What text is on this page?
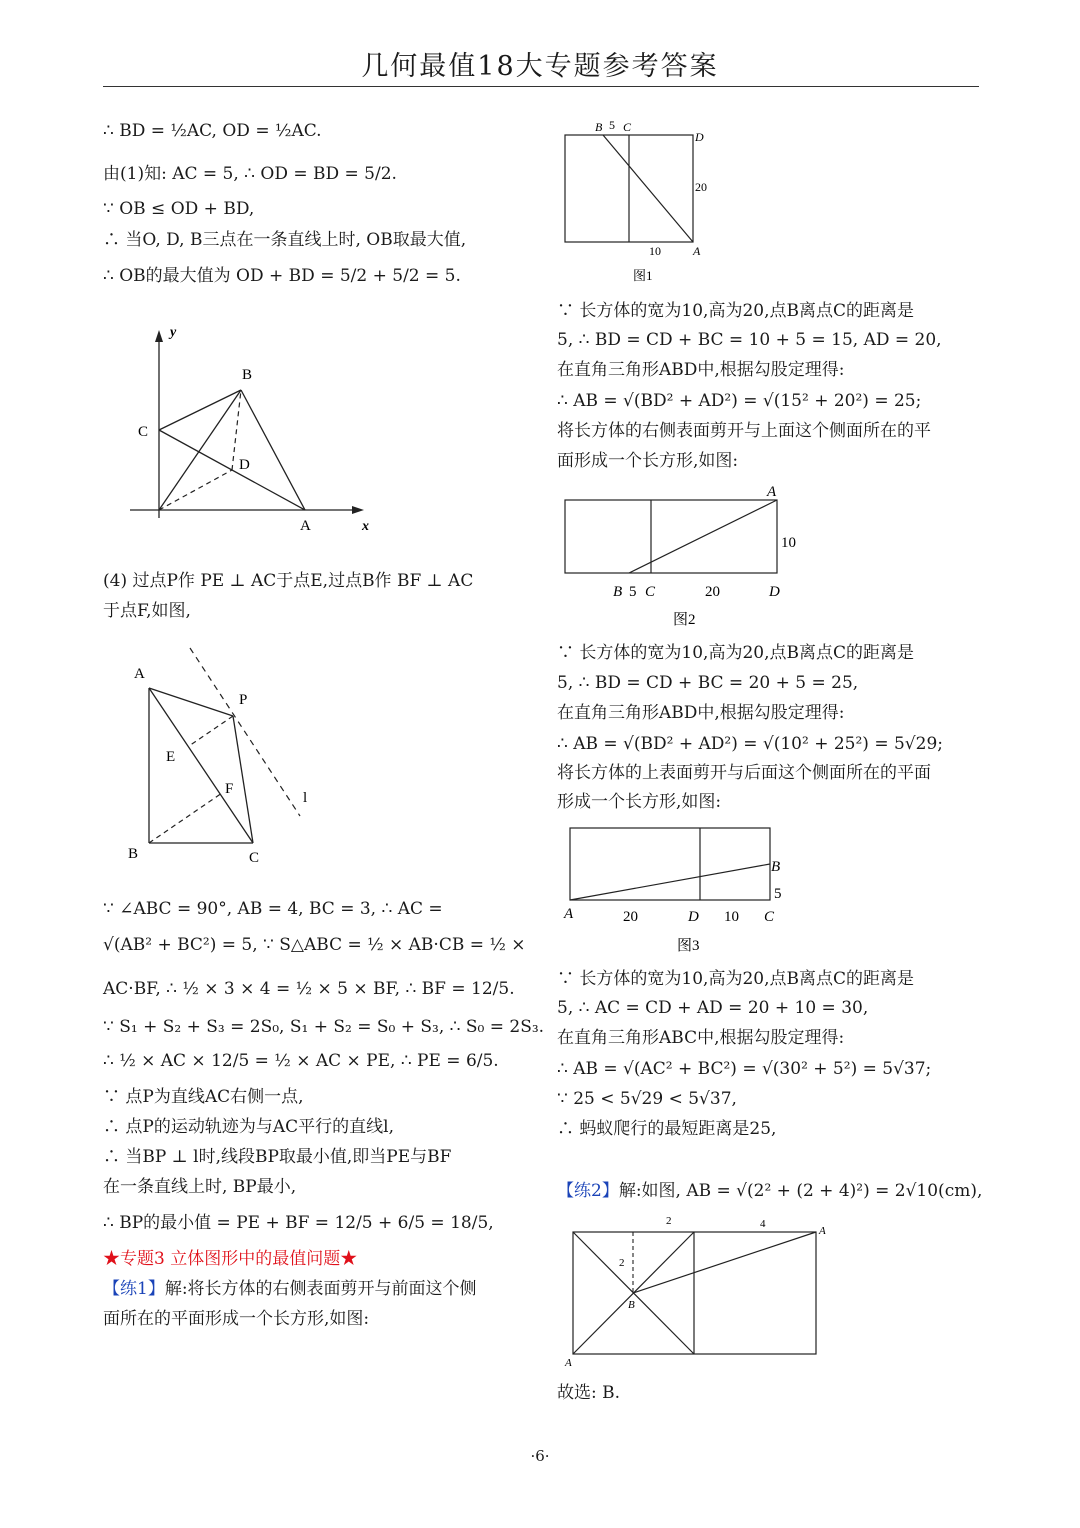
几何最值18大专题参考答案
∴ BD = ½AC, OD = ½AC.
由(1)知: AC = 5, ∴ OD = BD = 5/2.
∵ OB ≤ OD + BD,
∴ 当O, D, B三点在一条直线上时, OB取最大值,
∴ OB的最大值为 OD + BD = 5/2 + 5/2 = 5.
y
x
B
C
D
A
(4) 过点P作 PE ⊥ AC于点E,过点B作 BF ⊥ AC
于点F,如图,
A
P
E
F
l
B	C
∵ ∠ABC = 90°, AB = 4, BC = 3, ∴ AC =
√(AB² + BC²) = 5, ∵ S△ABC = ½ × AB·CB = ½ ×
AC·BF, ∴ ½ × 3 × 4 = ½ × 5 × BF, ∴ BF = 12/5.
∵ S₁ + S₂ + S₃ = 2S₀, S₁ + S₂ = S₀ + S₃, ∴ S₀ = 2S₃.
∴ ½ × AC × 12/5 = ½ × AC × PE, ∴ PE = 6/5.
∵ 点P为直线AC右侧一点,
∴ 点P的运动轨迹为与AC平行的直线l,
∴ 当BP ⊥ l时,线段BP取最小值,即当PE与BF
在一条直线上时, BP最小,
∴ BP的最小值 = PE + BF = 12/5 + 6/5 = 18/5,
★专题3 立体图形中的最值问题★
【练1】解:将长方体的右侧表面剪开与前面这个侧
面所在的平面形成一个长方形,如图:
B 5 C
D
20
10	A
图1
∵ 长方体的宽为10,高为20,点B离点C的距离是
5, ∴ BD = CD + BC = 10 + 5 = 15, AD = 20,
在直角三角形ABD中,根据勾股定理得:
∴ AB = √(BD² + AD²) = √(15² + 20²) = 25;
将长方体的右侧表面剪开与上面这个侧面所在的平
面形成一个长方形,如图:
A
10
B 5 C	20	D
图2
∵ 长方体的宽为10,高为20,点B离点C的距离是
5, ∴ BD = CD + BC = 20 + 5 = 25,
在直角三角形ABD中,根据勾股定理得:
∴ AB = √(BD² + AD²) = √(10² + 25²) = 5√29;
将长方体的上表面剪开与后面这个侧面所在的平面
形成一个长方形,如图:
B
5
A	20	D 10 C
图3
∵ 长方体的宽为10,高为20,点B离点C的距离是
5, ∴ AC = CD + AD = 20 + 10 = 30,
在直角三角形ABC中,根据勾股定理得:
∴ AB = √(AC² + BC²) = √(30² + 5²) = 5√37;
∵ 25 < 5√29 < 5√37,
∴ 蚂蚁爬行的最短距离是25,
【练2】解:如图, AB = √(2² + (2 + 4)²) = 2√10(cm),
2	4
A
2
B
A
故选: B.
·6·
